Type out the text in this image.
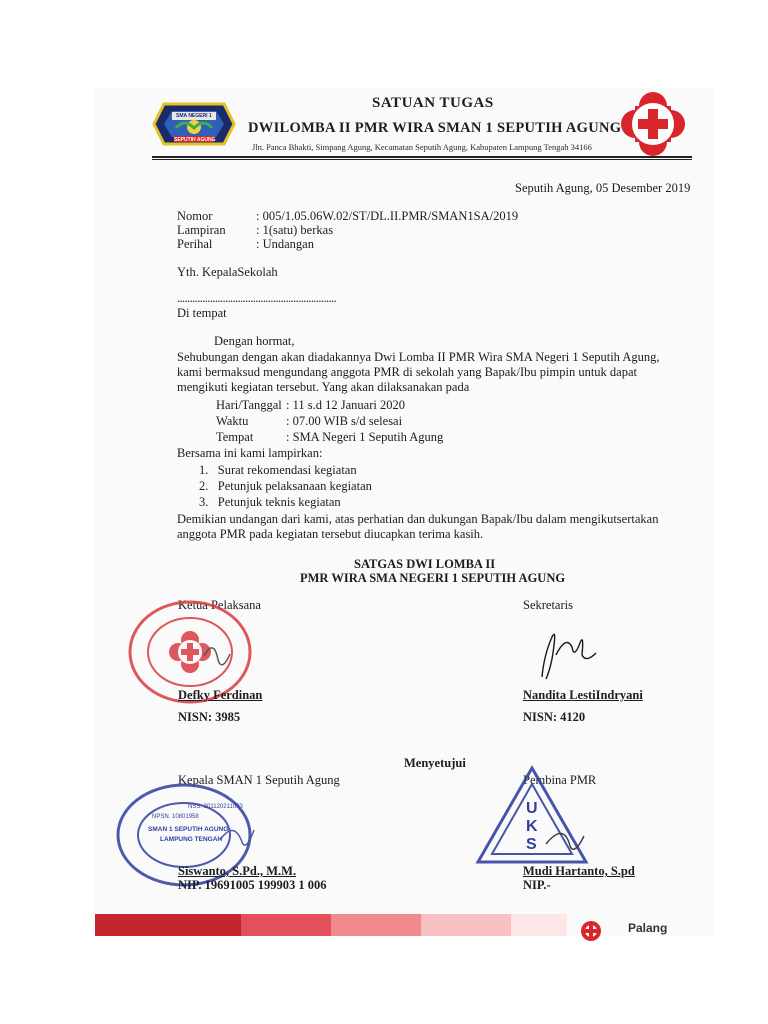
SMA NEGERI 1
SEPUTIH AGUNG
SATUAN TUGAS
DWILOMBA II PMR WIRA SMAN 1 SEPUTIH AGUNG
Jln. Panca Bhakti, Simpang Agung, Kecamatan Seputih Agung, Kabupaten Lampung Tengah 34166
Seputih Agung, 05 Desember 2019
Nomor	: 005/1.05.06W.02/ST/DL.II.PMR/SMAN1SA/2019
Lampiran : 1(satu) berkas
Perihal	: Undangan
Yth. KepalaSekolah
...............................................................
Di tempat
Dengan hormat,
Sehubungan dengan akan diadakannya Dwi Lomba II PMR Wira SMA Negeri 1 Seputih Agung,
kami bermaksud mengundang anggota PMR di sekolah yang Bapak/Ibu pimpin untuk dapat
mengikuti kegiatan tersebut. Yang akan dilaksanakan pada
Hari/Tanggal : 11 s.d 12 Januari 2020
Waktu	: 07.00 WIB s/d selesai
Tempat	: SMA Negeri 1 Seputih Agung
Bersama ini kami lampirkan:
1.   Surat rekomendasi kegiatan
2.   Petunjuk pelaksanaan kegiatan
3.   Petunjuk teknis kegiatan
Demikian undangan dari kami, atas perhatian dan dukungan Bapak/Ibu dalam mengikutsertakan
anggota PMR pada kegiatan tersebut diucapkan terima kasih.
SATGAS DWI LOMBA II
PMR WIRA SMA NEGERI 1 SEPUTIH AGUNG
Ketua Pelaksana
Defky Ferdinan
NISN: 3985
Sekretaris
Nandita LestiIndryani
NISN: 4120
Menyetujui
Kepala SMAN 1 Seputih Agung
NPSN. 10801958
NSS. 301120211003
SMAN 1 SEPUTIH AGUNG
LAMPUNG TENGAH
Siswanto, S.Pd., M.M.
NIP. 19691005 199903 1 006
Pembina PMR
U
K
S
Mudi Hartanto, S.pd
NIP.-
Palang
